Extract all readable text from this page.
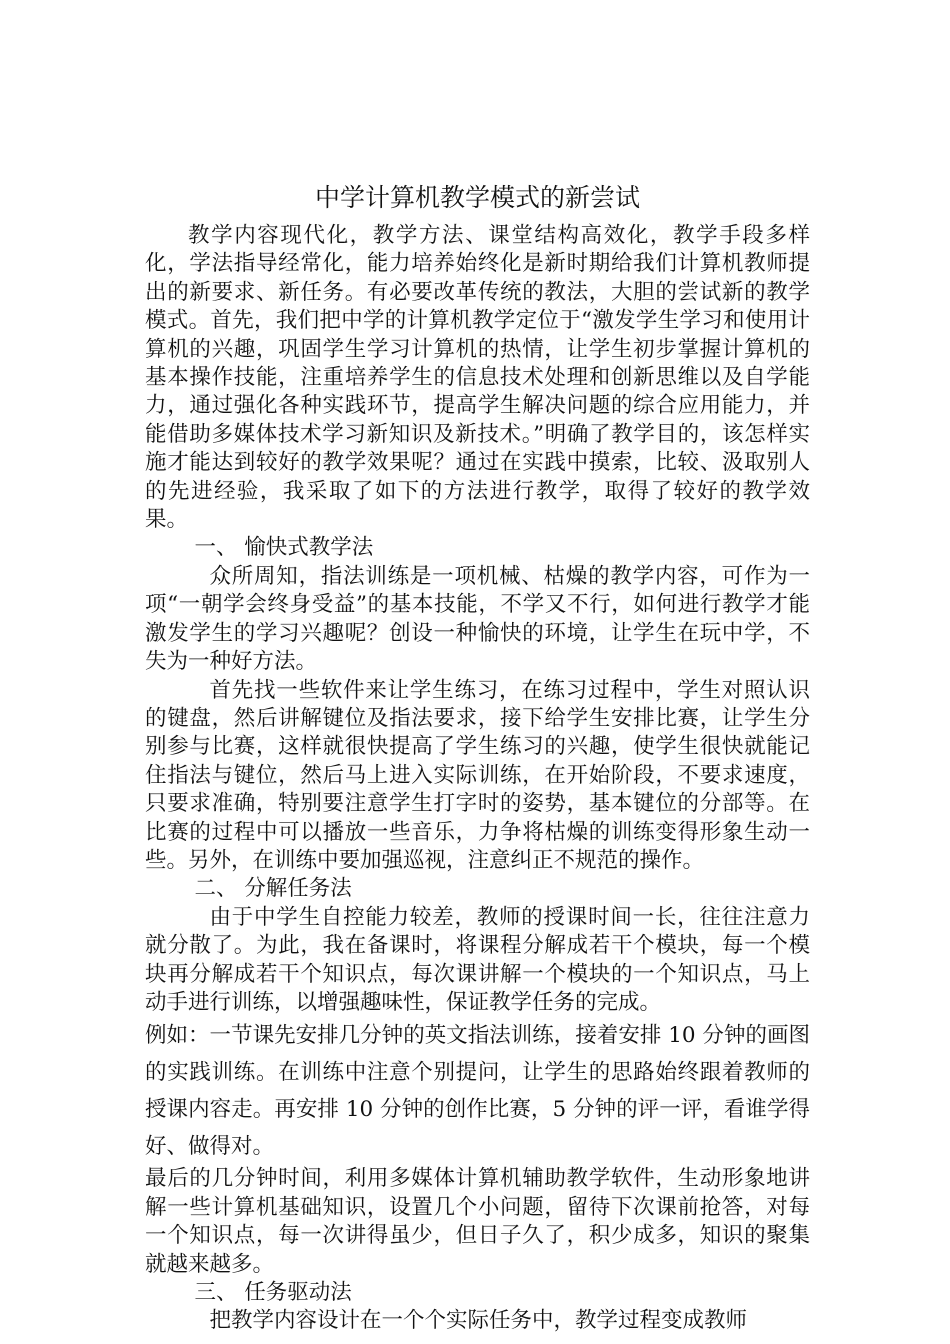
中学计算机教学模式的新尝试

教学内容现代化，教学方法、课堂结构高效化，教学手段多样化，学法指导经常化，能力培养始终化是新时期给我们计算机教师提出的新要求、新任务。有必要改革传统的教法，大胆的尝试新的教学模式。首先，我们把中学的计算机教学定位于“激发学生学习和使用计算机的兴趣，巩固学生学习计算机的热情，让学生初步掌握计算机的基本操作技能，注重培养学生的信息技术处理和创新思维以及自学能力，通过强化各种实践环节，提高学生解决问题的综合应用能力，并能借助多媒体技术学习新知识及新技术。”明确了教学目的，该怎样实施才能达到较好的教学效果呢？通过在实践中摸索，比较、汲取别人的先进经验，我采取了如下的方法进行教学，取得了较好的教学效果。

一、 愉快式教学法

众所周知，指法训练是一项机械、枯燥的教学内容，可作为一项“一朝学会终身受益”的基本技能，不学又不行，如何进行教学才能激发学生的学习兴趣呢？创设一种愉快的环境，让学生在玩中学，不失为一种好方法。

首先找一些软件来让学生练习，在练习过程中，学生对照认识的键盘，然后讲解键位及指法要求，接下给学生安排比赛，让学生分别参与比赛，这样就很快提高了学生练习的兴趣，使学生很快就能记住指法与键位，然后马上进入实际训练，在开始阶段，不要求速度，只要求准确，特别要注意学生打字时的姿势，基本键位的分部等。在比赛的过程中可以播放一些音乐，力争将枯燥的训练变得形象生动一些。另外，在训练中要加强巡视，注意纠正不规范的操作。

二、 分解任务法

由于中学生自控能力较差，教师的授课时间一长，往往注意力就分散了。为此，我在备课时，将课程分解成若干个模块，每一个模块再分解成若干个知识点，每次课讲解一个模块的一个知识点，马上动手进行训练，以增强趣味性，保证教学任务的完成。

例如：一节课先安排几分钟的英文指法训练，接着安排 10 分钟的画图的实践训练。在训练中注意个别提问，让学生的思路始终跟着教师的授课内容走。再安排 10 分钟的创作比赛，5 分钟的评一评，看谁学得好、做得对。

最后的几分钟时间，利用多媒体计算机辅助教学软件，生动形象地讲解一些计算机基础知识，设置几个小问题，留待下次课前抢答，对每一个知识点，每一次讲得虽少，但日子久了，积少成多，知识的聚集就越来越多。

三、 任务驱动法

把教学内容设计在一个个实际任务中，教学过程变成教师
